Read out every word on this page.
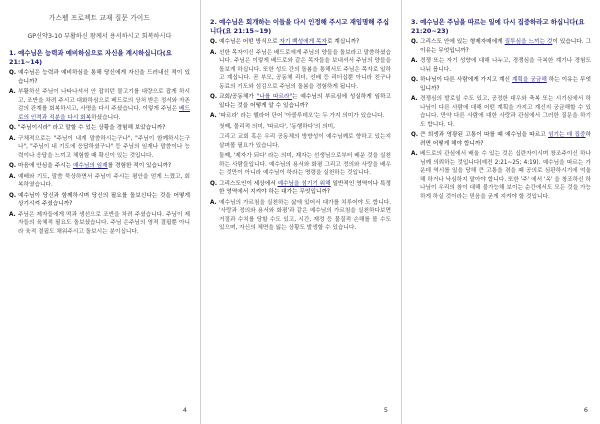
가스펠 프로젝트 교재 질문 가이드
GP신약3-10 부활하신 왕께서 용서하시고 회복하시다
1. 예수님은 능력과 예비하심으로 자신을 계시하십니다(요 21:1~14)
Q. 예수님은 능력과 예비하심을 통해 당신에게 자신을 드러내신 적이 있습니까?
A. 부활하신 주님이 나타나셔서 안 잡히던 물고기를 대량으로 잡게 하시고, 조반을 차려 주시고 대화하심으로 베드로의 상처 받은 정서와 자존감의 관계를 회복하시고, 사명을 다시 주셨습니다. 이렇게 주님은 베드로의 인격과 직분을 다시 회복하셨습니다.
Q. "주님이시라" 라고 말할 수 있는 상황을 경험해 보았습니까?
A. 구체적으로는 "주님이 내게 말씀하시는구나", "주님이 함께하시는구나", "주님이 내 기도에 응답하셨구나" 등 주님의 임재나 말씀이나 능력이나 응답을 느끼고 체험할 때 확신이 있는 것입니다.
Q. 마음에 안심을 주시는 예수님의 임재를 경험한 적이 있습니까?
A. 예배와 기도, 말씀 묵상하면서 주님이 주시는 평안을 얻게 느꼈고, 회복하였습니다.
Q. 예수님이 당신과 함께하시며 당신의 필요를 돌보신다는 것을 어떻게 상기시켜 주셨습니까?
A. 주님은 제자들에게 떡과 생선으로 조반을 차려 주셨습니다. 주님이 제자들의 육체적 필요도 돌보셨습니다. 주님 은주님의 영적 결핍뿐 아니라 육적 결핍도 채워주시고 돌보시는 분이십니다.
4
2. 예수님은 회개하는 이들을 다시 인정해 주시고 재임명해 주십니다(요 21:15~19)
Q. 예수님은 어떤 방식으로 자기 백성에게 목자로 계십니까?
A. 선한 목자이신 주님은 베드로에게 주님의 양들을 돌보라고 말씀하셨습니다. 주님은 이렇게 베드로와 같은 목자들을 보내셔서 주님의 양들을 돌보게 하십니다. 또한 성도 간의 돌봄을 통해서도 주님은 목자로 일하고 계십니다. 곧 부모, 공동체 리더, 선배 등 리더십뿐 아니라 친구나 동료의 기도와 섬김으로 주님의 돌봄을 경험하게 됩니다.
Q. 교회/공동체가 "나를 따르라"는 예수님의 부르심에 성실하게 임하고 있다는 것을 어떻게 알 수 있습니까?
A. '따르라' 라는 헬라어 단어 '아콜루데오'는 두 가지 의미가 있습니다.
첫째, 물리적 의미, '따르다', '동행하다'의 의미,
그리고 교회 혹은 우리 공동체의 방향성이 예수님께로 향하고 있는지 살펴볼 필요가 있습니다.
둘째, '제자가 되다' 라는 의미, 제자는 선생님으로부터 배운 것을 실천하는 사람들입니다. 예수님의 용서와 화평 그리고 정의와 사랑을 배우는 것만이 아니라 예수님이 하라는 명령을 실천하는 것입니다.
Q. 그리스도인이 세상에서 예수님을 섬기기 위해 일반적인 영역이나 특정한 영역에서 지켜야 하는 대가는 무엇입니까?
A. 예수님의 가르침을 실천하는 삶에 있어서 대가를 치루어야 도 합니다. '사랑과 정의와 용서와 화평'과 같은 예수님의 가르침을 실천하다보면 거절과 수치를 당할 수도 있고, 시간, 재정 등 물질적 손해를 볼 수도 있으며, 자신의 체면을 잃는 상황도 발생할 수 있습니다.
5
3. 예수님은 주님을 따르는 일에 다시 집중하라고 하십니다(요 21:20~23)
Q. 그리스도 안에 있는 형제자매에게 질투심을 느끼는 것이 있습니다. 그 이유는 무엇입니까?
A. 경쟁 또는 자기 성향에 대해 나누고, 경쟁심을 극복한 계기나 경험도 나눠 봅니다.
Q. 하나님이 다른 사람에게 가지고 계신 계획을 궁금해 하는 이유는 무엇입니까?
A. 경쟁심의 발로일 수도 있고, 공정한 대우와 축복 또는 시기심에서 하나님이 다른 사람에 대해 어떤 계획을 가지고 계신지 궁금해할 수 있습니다. 만약 다른 사람에 대한 사랑과 관심에서 그러한 질문을 하기도 합니다. 다.
Q. 큰 희생과 영광된 고통이 따를 때 예수님을 따르고 섬기는 데 집중하려면 어떻게 해야 합니까?
A. 베드로의 관심에서 배울 수 있는 것은 십란자이시며 창조주이신 하나님께 의뢰하는 것입니다(예전 2:21~25; 4:19). 예수님을 따르는 가운데 역시를 일을 당해 큰 고통을 겪을 때 공의로 심판하시기에 억울해 하거나 낙심하지 말아야 합니다. 또한 '주' 에서 '옥' 을 창조하신 하나님이 우리의 참이 대해 불가능해 보이는 순간에서도 모든 것을 가능하게 하실 것이라는 믿음을 굳게 지켜야 할 것입니다.
6
